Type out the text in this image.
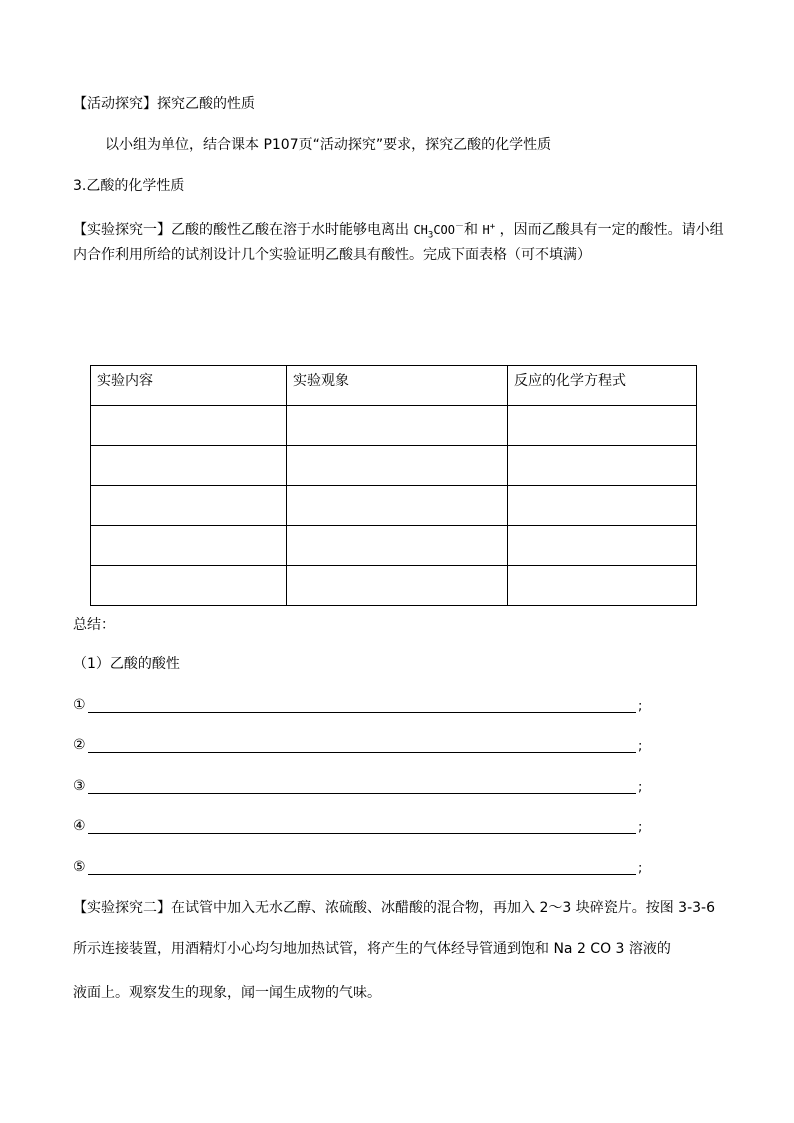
【活动探究】探究乙酸的性质
以小组为单位，结合课本 P107页“活动探究”要求，探究乙酸的化学性质
3.乙酸的化学性质
【实验探究一】乙酸的酸性乙酸在溶于水时能够电离出 $CH_3COO^-$和 H+ ，因而乙酸具有一定的酸性。请小组
内合作利用所给的试剂设计几个实验证明乙酸具有酸性。完成下面表格（可不填满）
实验内容	实验观象	反应的化学方程式

总结：
（1）乙酸的酸性
①	;
②	;
③	;
④	;
⑤	;
【实验探究二】在试管中加入无水乙醇、浓硫酸、冰醋酸的混合物，再加入 2～3 块碎瓷片。按图 3-3-6
所示连接装置，用酒精灯小心均匀地加热试管，将产生的气体经导管通到饱和 Na 2 CO 3 溶液的
液面上。观察发生的现象，闻一闻生成物的气味。
